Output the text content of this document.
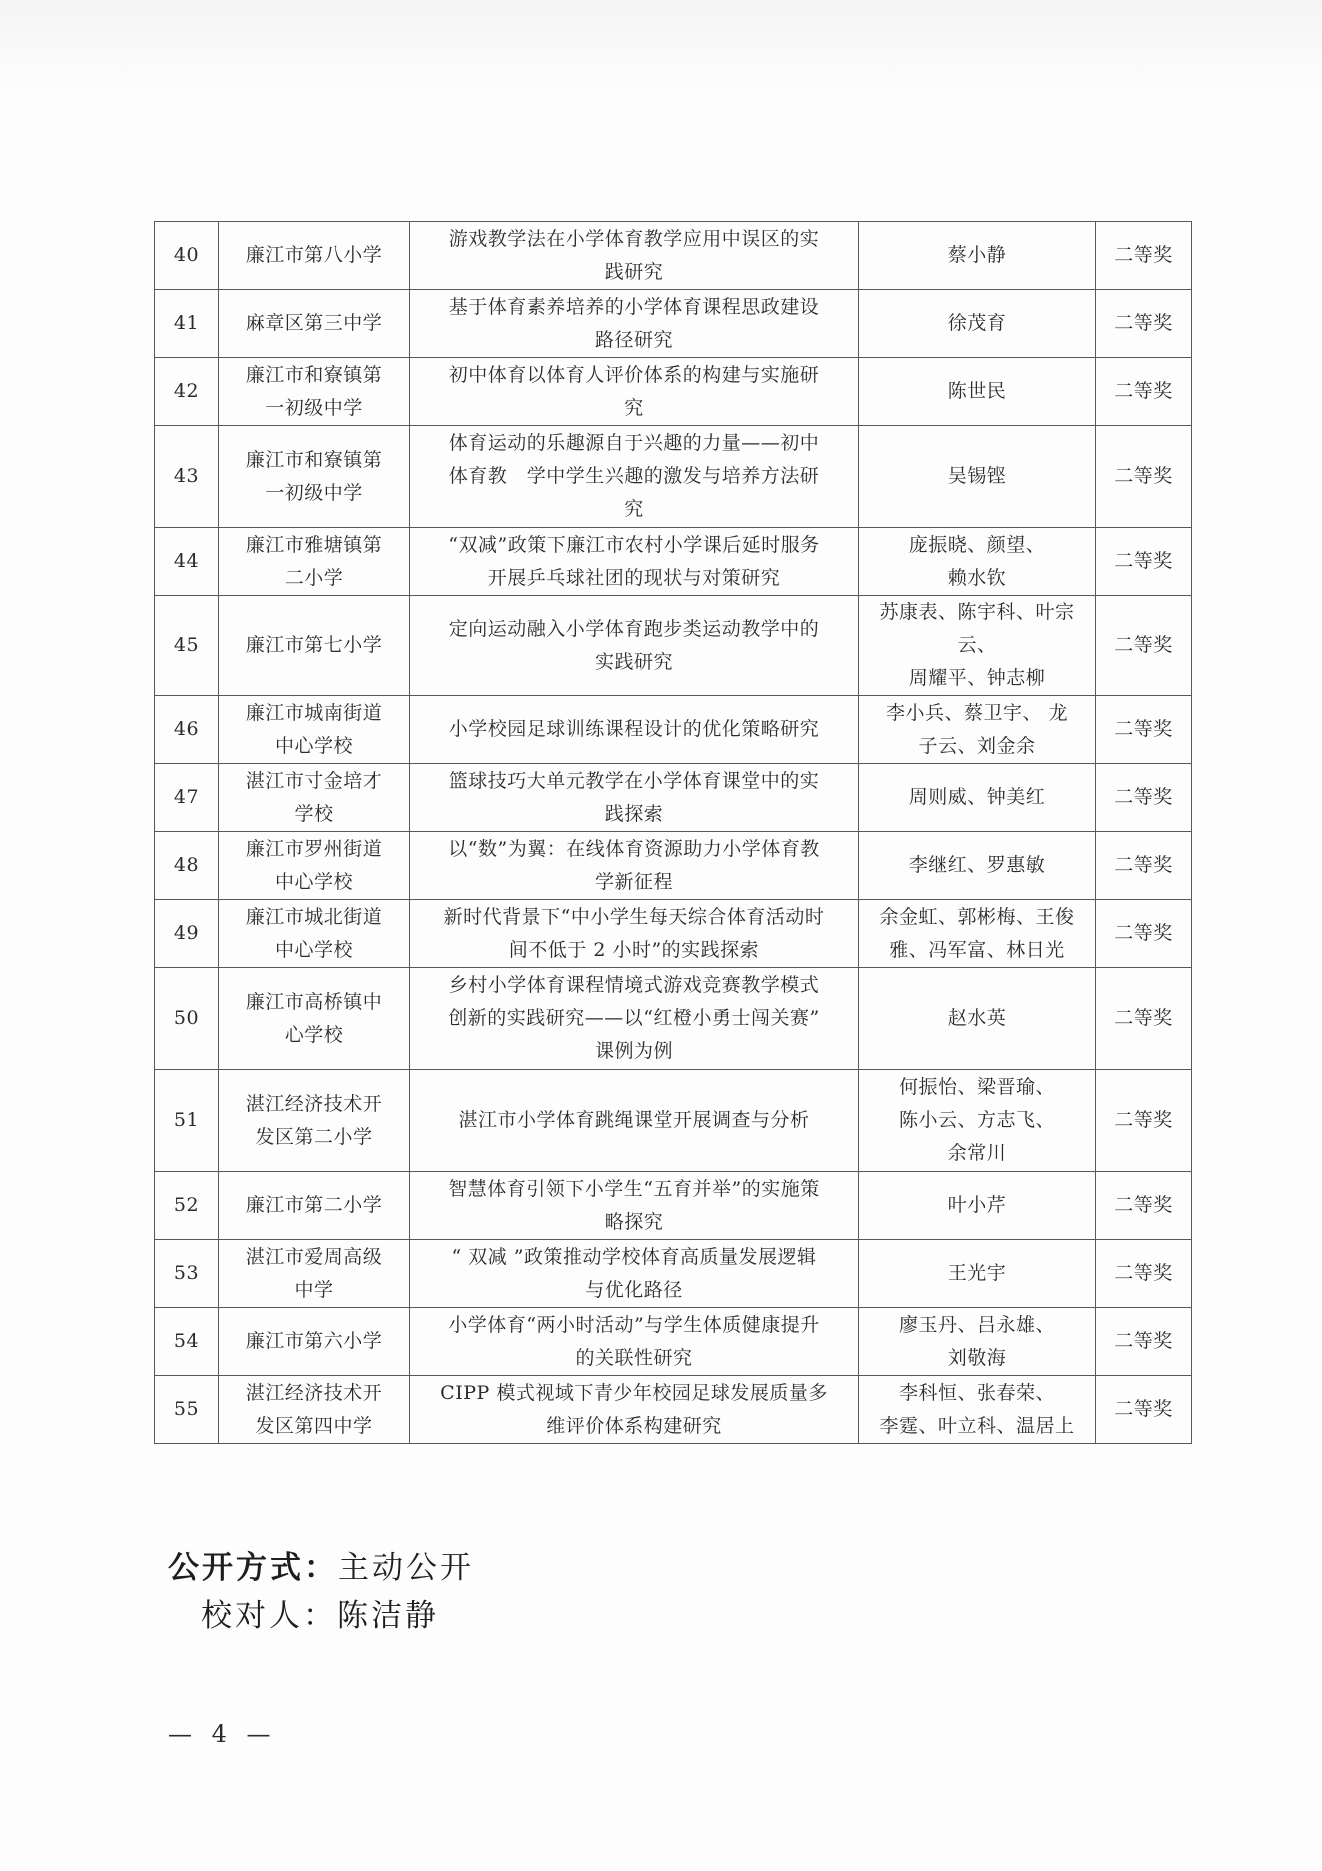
40	廉江市第八小学	游戏教学法在小学体育教学应用中误区的实
践研究	蔡小静	二等奖
41	麻章区第三中学	基于体育素养培养的小学体育课程思政建设
路径研究	徐茂育	二等奖
42	廉江市和寮镇第
一初级中学	初中体育以体育人评价体系的构建与实施研
究	陈世民	二等奖
43	廉江市和寮镇第
一初级中学	体育运动的乐趣源自于兴趣的力量——初中
体育教　学中学生兴趣的激发与培养方法研
究	吴锡铿	二等奖
44	廉江市雅塘镇第
二小学	“双减”政策下廉江市农村小学课后延时服务
开展乒乓球社团的现状与对策研究	庞振晓、颜望、
赖水钦	二等奖
45	廉江市第七小学	定向运动融入小学体育跑步类运动教学中的
实践研究	苏康表、陈宇科、叶宗云、
周耀平、钟志柳	二等奖
46	廉江市城南街道
中心学校	小学校园足球训练课程设计的优化策略研究	李小兵、蔡卫宇、 龙
子云、刘金余	二等奖
47	湛江市寸金培才
学校	篮球技巧大单元教学在小学体育课堂中的实
践探索	周则威、钟美红	二等奖
48	廉江市罗州街道
中心学校	以“数”为翼：在线体育资源助力小学体育教
学新征程	李继红、罗惠敏	二等奖
49	廉江市城北街道
中心学校	新时代背景下“中小学生每天综合体育活动时
间不低于 2 小时”的实践探索	余金虹、郭彬梅、王俊
雅、冯军富、林日光	二等奖
50	廉江市高桥镇中
心学校	乡村小学体育课程情境式游戏竞赛教学模式
创新的实践研究——以“红橙小勇士闯关赛”
课例为例	赵水英	二等奖
51	湛江经济技术开
发区第二小学	湛江市小学体育跳绳课堂开展调查与分析	何振怡、梁晋瑜、
陈小云、方志飞、
余常川	二等奖
52	廉江市第二小学	智慧体育引领下小学生“五育并举”的实施策
略探究	叶小芹	二等奖
53	湛江市爱周高级
中学	“ 双减 ”政策推动学校体育高质量发展逻辑
与优化路径	王光宇	二等奖
54	廉江市第六小学	小学体育“两小时活动”与学生体质健康提升
的关联性研究	廖玉丹、吕永雄、
刘敬海	二等奖
55	湛江经济技术开
发区第四中学	CIPP 模式视域下青少年校园足球发展质量多
维评价体系构建研究	李科恒、张春荣、
李霆、叶立科、温居上	二等奖
公开方式：主动公开
校对人：陈洁静
— 4 —
